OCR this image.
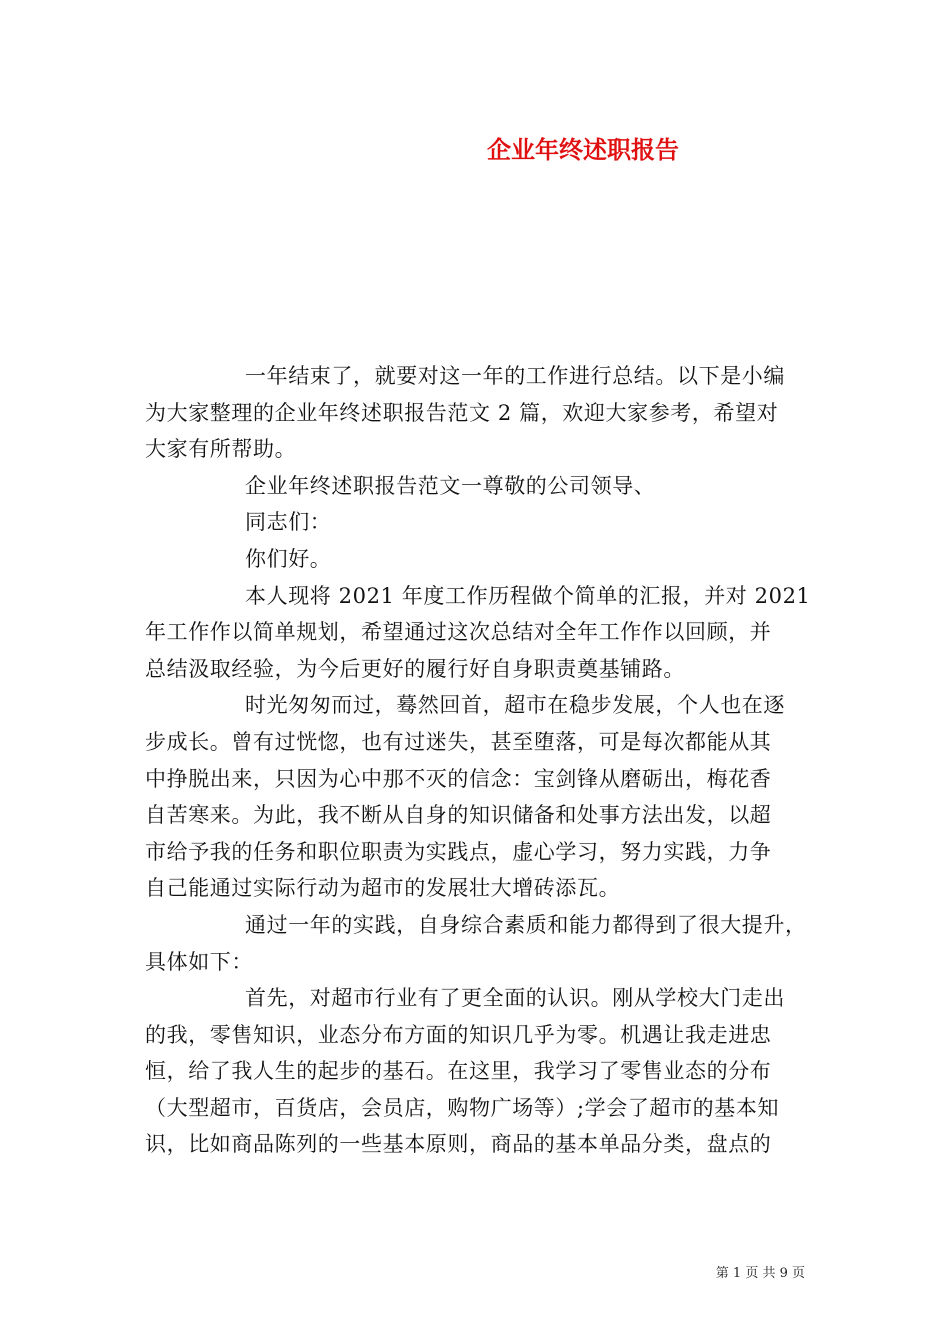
企业年终述职报告
一年结束了，就要对这一年的工作进行总结。以下是小编
为大家整理的企业年终述职报告范文 2 篇，欢迎大家参考，希望对
大家有所帮助。
企业年终述职报告范文一尊敬的公司领导、
同志们：
你们好。
本人现将 2021 年度工作历程做个简单的汇报，并对 2021
年工作作以简单规划，希望通过这次总结对全年工作作以回顾，并
总结汲取经验，为今后更好的履行好自身职责奠基铺路。
时光匆匆而过，蓦然回首，超市在稳步发展，个人也在逐
步成长。曾有过恍惚，也有过迷失，甚至堕落，可是每次都能从其
中挣脱出来，只因为心中那不灭的信念：宝剑锋从磨砺出，梅花香
自苦寒来。为此，我不断从自身的知识储备和处事方法出发，以超
市给予我的任务和职位职责为实践点，虚心学习，努力实践，力争
自己能通过实际行动为超市的发展壮大增砖添瓦。
通过一年的实践，自身综合素质和能力都得到了很大提升，
具体如下：
首先，对超市行业有了更全面的认识。刚从学校大门走出
的我，零售知识，业态分布方面的知识几乎为零。机遇让我走进忠
恒，给了我人生的起步的基石。在这里，我学习了零售业态的分布
（大型超市，百货店，会员店，购物广场等）;学会了超市的基本知
识，比如商品陈列的一些基本原则，商品的基本单品分类，盘点的
第 1 页 共 9 页
